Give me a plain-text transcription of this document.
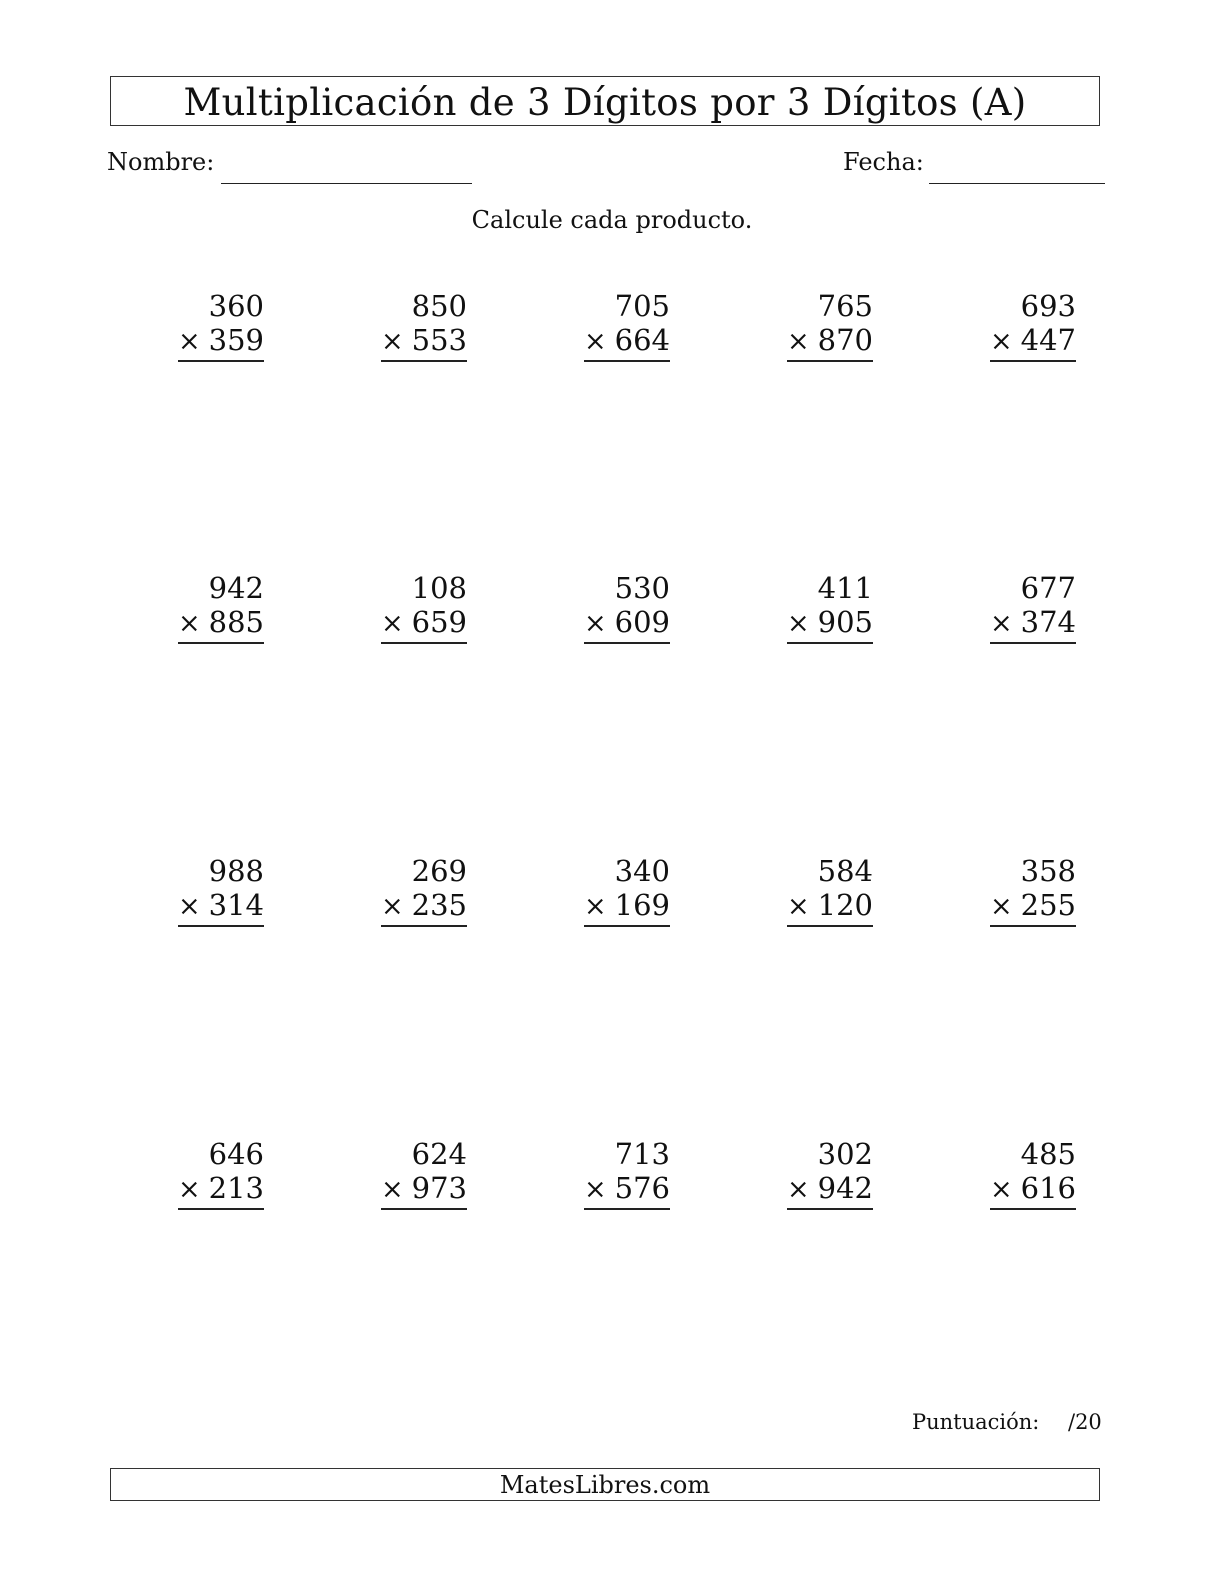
Multiplicación de 3 Dígitos por 3 Dígitos (A)
Nombre:	Fecha:
Calcule cada producto.
360
× 359
850
× 553
705
× 664
765
× 870
693
× 447
942
× 885
108
× 659
530
× 609
411
× 905
677
× 374
988
× 314
269
× 235
340
× 169
584
× 120
358
× 255
646
× 213
624
× 973
713
× 576
302
× 942
485
× 616
Puntuación: /20
MatesLibres.com
